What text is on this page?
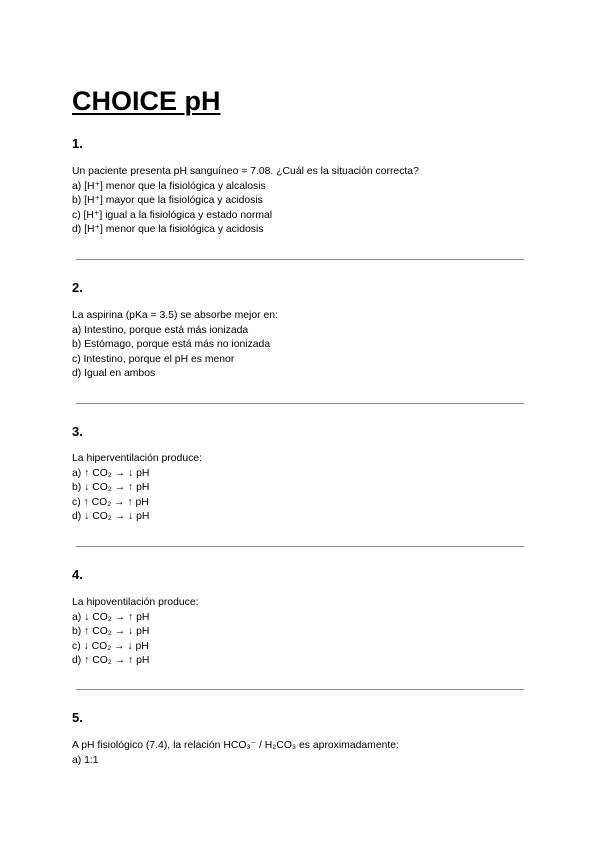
CHOICE pH
1.
Un paciente presenta pH sanguíneo = 7.08. ¿Cuál es la situación correcta?
a) [H⁺] menor que la fisiológica y alcalosis
b) [H⁺] mayor que la fisiológica y acidosis
c) [H⁺] igual a la fisiológica y estado normal
d) [H⁺] menor que la fisiológica y acidosis
2.
La aspirina (pKa = 3.5) se absorbe mejor en:
a) Intestino, porque está más ionizada
b) Estómago, porque está más no ionizada
c) Intestino, porque el pH es menor
d) Igual en ambos
3.
La hiperventilación produce:
a) ↑ CO₂ → ↓ pH
b) ↓ CO₂ → ↑ pH
c) ↑ CO₂ → ↑ pH
d) ↓ CO₂ → ↓ pH
4.
La hipoventilación produce:
a) ↓ CO₂ → ↑ pH
b) ↑ CO₂ → ↓ pH
c) ↓ CO₂ → ↓ pH
d) ↑ CO₂ → ↑ pH
5.
A pH fisiológico (7.4), la relación HCO₃⁻ / H₂CO₃ es aproximadamente:
a) 1:1
